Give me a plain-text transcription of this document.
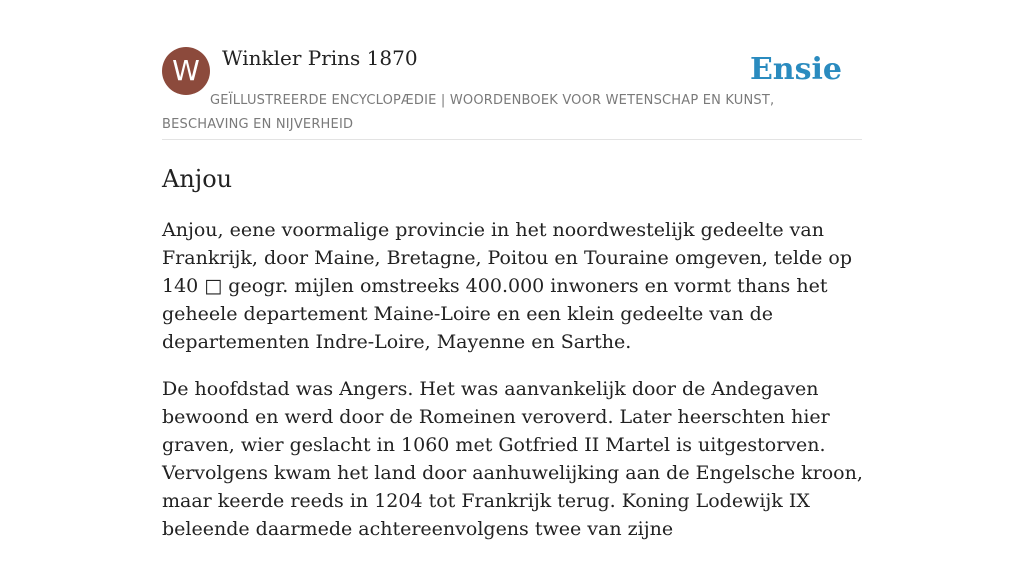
W	Winkler Prins 1870	Ensie
GEÏLLUSTREERDE ENCYCLOPÆDIE | WOORDENBOEK VOOR WETENSCHAP EN KUNST, BESCHAVING EN NIJVERHEID
Anjou

Anjou, eene voormalige provincie in het noordwestelijk gedeelte van Frankrijk, door Maine, Bretagne, Poitou en Touraine omgeven, telde op 140 □ geogr. mijlen omstreeks 400.000 inwoners en vormt thans het geheele departement Maine-Loire en een klein gedeelte van de departementen Indre-Loire, Mayenne en Sarthe.

De hoofdstad was Angers. Het was aanvankelijk door de Andegaven bewoond en werd door de Romeinen veroverd. Later heerschten hier graven, wier geslacht in 1060 met Gotfried II Martel is uitgestorven. Vervolgens kwam het land door aanhuwelijking aan de Engelsche kroon, maar keerde reeds in 1204 tot Frankrijk terug. Koning Lodewijk IX beleende daarmede achtereenvolgens twee van zijne
